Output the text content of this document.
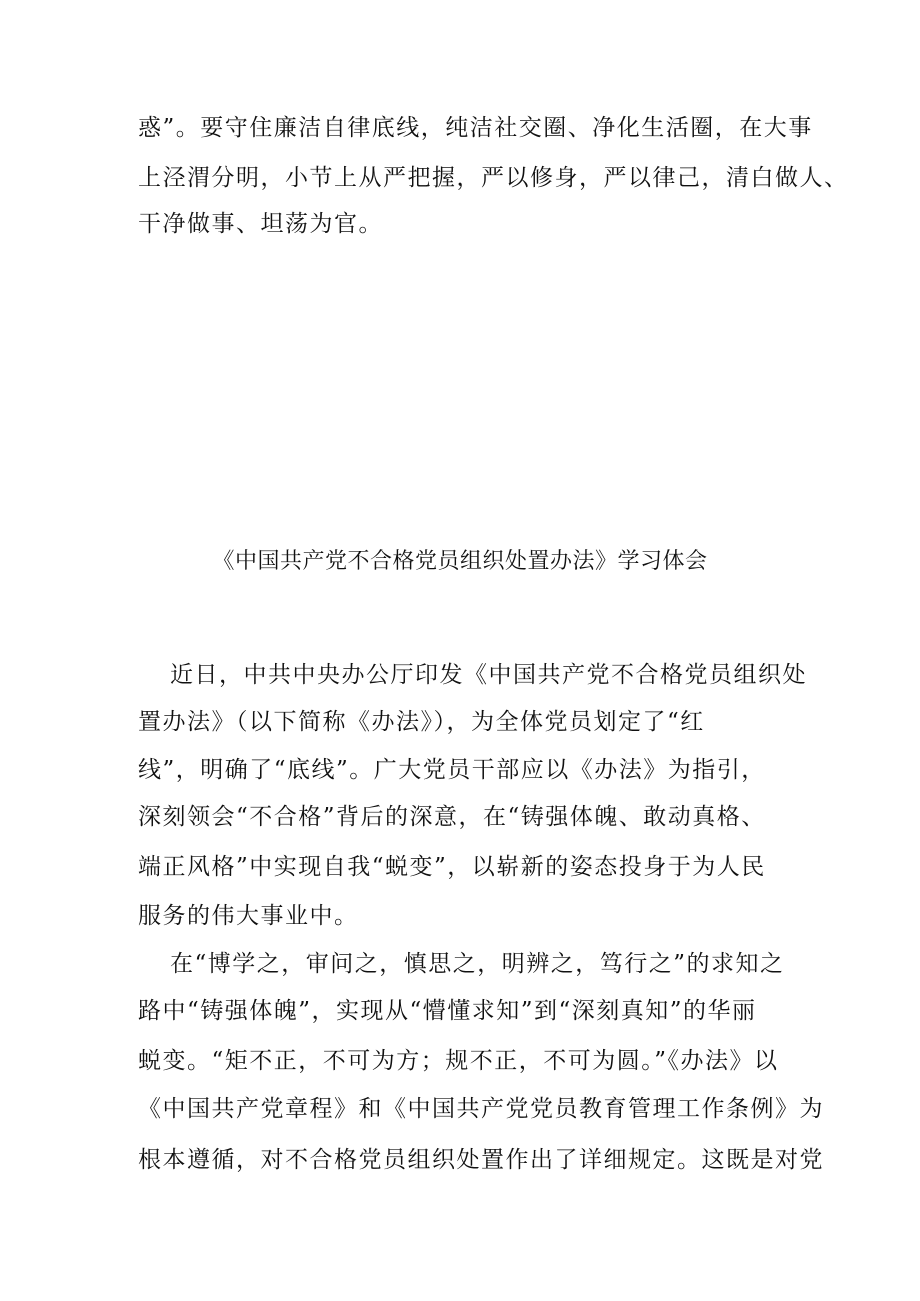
惑”。要守住廉洁自律底线，纯洁社交圈、净化生活圈，在大事
上泾渭分明，小节上从严把握，严以修身，严以律己，清白做人、
干净做事、坦荡为官。
《中国共产党不合格党员组织处置办法》学习体会
近日，中共中央办公厅印发《中国共产党不合格党员组织处
置办法》（以下简称《办法》），为全体党员划定了“红
线”，明确了“底线”。广大党员干部应以《办法》为指引，
深刻领会“不合格”背后的深意，在“铸强体魄、敢动真格、
端正风格”中实现自我“蜕变”，以崭新的姿态投身于为人民
服务的伟大事业中。
在“博学之，审问之，慎思之，明辨之，笃行之”的求知之
路中“铸强体魄”，实现从“懵懂求知”到“深刻真知”的华丽
蜕变。“矩不正，不可为方；规不正，不可为圆。”《办法》以
《中国共产党章程》和《中国共产党党员教育管理工作条例》为
根本遵循，对不合格党员组织处置作出了详细规定。这既是对党
